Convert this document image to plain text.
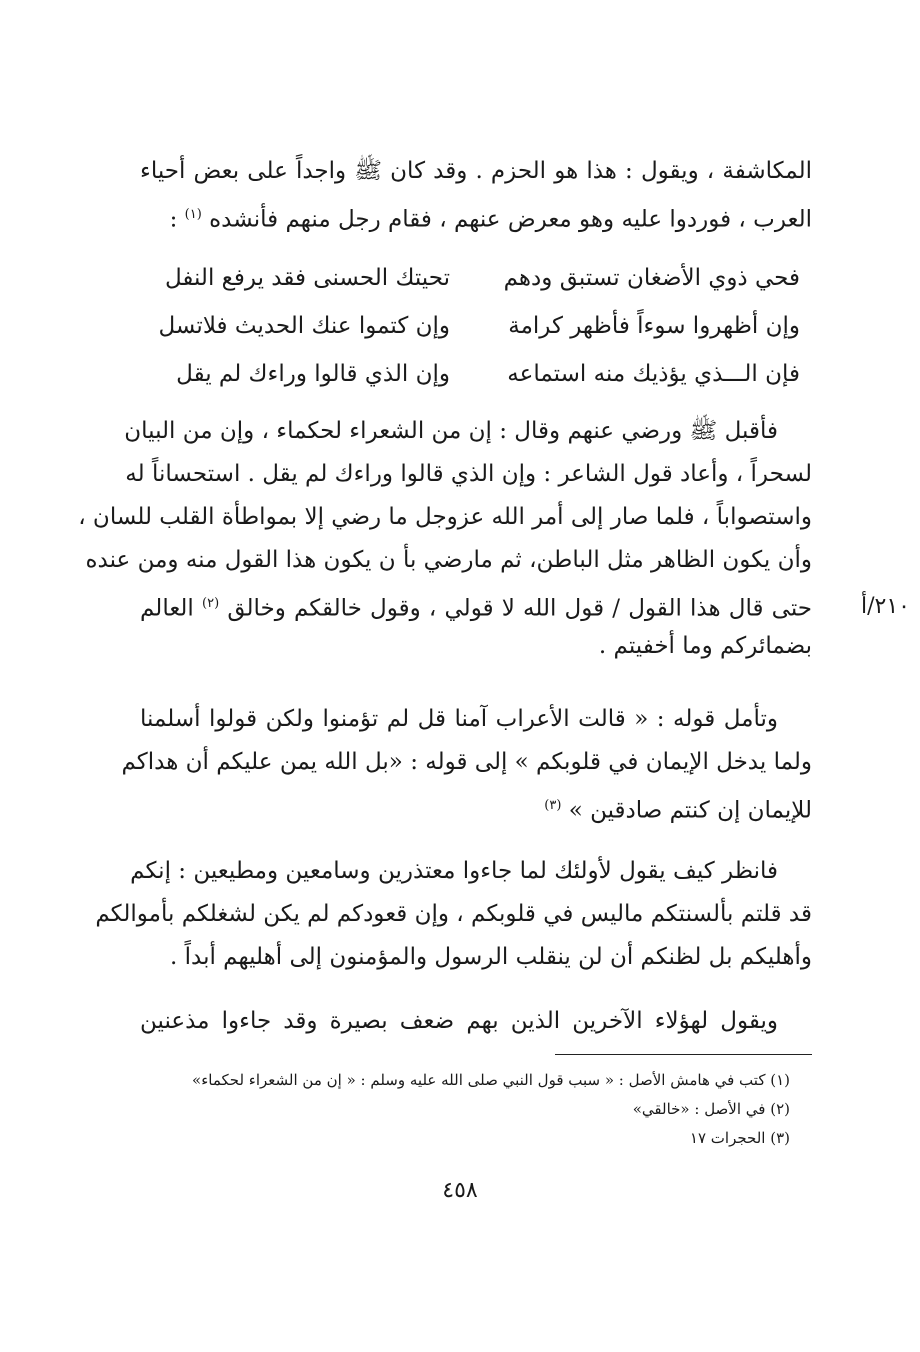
المكاشفة ، ويقول : هذا هو الحزم . وقد كان ﷺ واجداً على بعض أحياء
العرب ، فوردوا عليه وهو معرض عنهم ، فقام رجل منهم فأنشده $^{(١)}$ :
فحي ذوي الأضغان تستبق ودهم
تحيتك الحسنى فقد يرفع النفل
وإن أظهروا سوءاً فأظهر كرامة
وإن كتموا عنك الحديث فلاتسل
فإن الـــذي يؤذيك منه استماعه
وإن الذي قالوا وراءك لم يقل
فأقبل ﷺ ورضي عنهم وقال : إن من الشعراء لحكماء ، وإن من البيان
لسحراً ، وأعاد قول الشاعر : وإن الذي قالوا وراءك لم يقل . استحساناً له
واستصواباً ، فلما صار إلى أمر الله عزوجل ما رضي إلا بمواطأة القلب للسان ،
وأن يكون الظاهر مثل الباطن، ثم مارضي بأ ن يكون هذا القول منه ومن عنده
حتى قال هذا القول / قول الله لا قولي ، وقول خالقكم وخالق $^{(٢)}$ العالم
بضمائركم وما أخفيتم .
٢١٠/أ
وتأمل قوله : « قالت الأعراب آمنا قل لم تؤمنوا ولكن قولوا أسلمنا
ولما يدخل الإيمان في قلوبكم » إلى قوله : «بل الله يمن عليكم أن هداكم
للإيمان إن كنتم صادقين » $^{(٣)}$
فانظر كيف يقول لأولئك لما جاءوا معتذرين وسامعين ومطيعين : إنكم
قد قلتم بألسنتكم ماليس في قلوبكم ، وإن قعودكم لم يكن لشغلكم بأموالكم
وأهليكم بل لظنكم أن لن ينقلب الرسول والمؤمنون إلى أهليهم أبداً .
ويقول لهؤلاء الآخرين الذين بهم ضعف بصيرة وقد جاءوا مذعنين
(١) كتب في هامش الأصل : « سبب قول النبي صلى الله عليه وسلم : « إن من الشعراء لحكماء»
(٢) في الأصل : «خالقي»
(٣) الحجرات ١٧
٤٥٨
